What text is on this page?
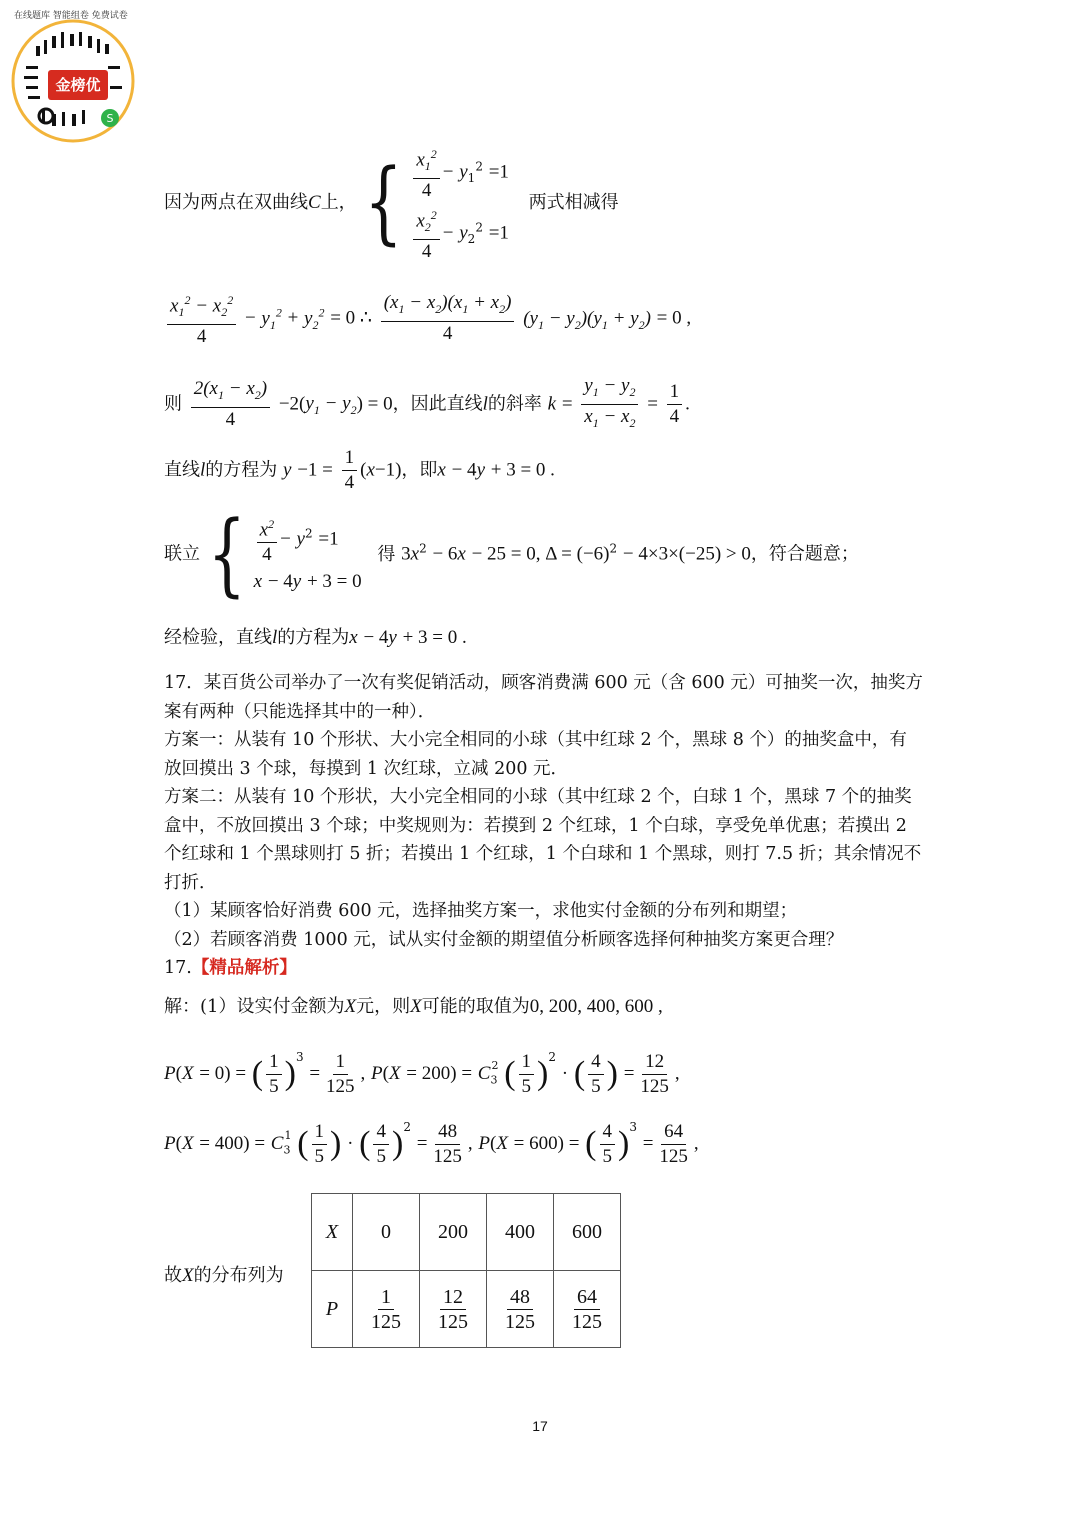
S
金榜优
在线题库 智能组卷 免费试卷
因为两点在双曲线C上， { $\frac{x_1^2}{4} - y_1^2 =1$
$\frac{x_2^2}{4} - y_2^2 =1$
两式相减得
$\frac{x_1^2 - x_2^2}{4} - y_1^2 + y_2^2 = 0$ ∴ $\frac{(x_1 - x_2)(x_1 + x_2)}{4} (y_1 - y_2)(y_1 + y_2) = 0$ ,
则 $\frac{2(x_1 - x_2)}{4} -2(y_1 - y_2) = 0$，因此直线l的斜率 $k = \frac{y_1 - y_2}{x_1 - x_2} = \frac{1}{4}$ .
直线l的方程为 $y -1 = \frac{1}{4} (x-1)$，即x − 4y + 3 = 0 .
联立 { $\frac{x^2}{4} - y^2 =1$
x − 4y + 3 = 0
得 $3x^2 - 6x - 25 = 0$, $\Delta = (-6)^2 - 4\times 3\times(-25) > 0$，符合题意；
经检验，直线l的方程为x − 4y + 3 = 0 .

17．某百货公司举办了一次有奖促销活动，顾客消费满 600 元（含 600 元）可抽奖一次，抽奖方案有两种（只能选择其中的一种）．

方案一：从装有 10 个形状、大小完全相同的小球（其中红球 2 个，黑球 8 个）的抽奖盒中，有放回摸出 3 个球，每摸到 1 次红球，立减 200 元．

方案二：从装有 10 个形状，大小完全相同的小球（其中红球 2 个，白球 1 个，黑球 7 个的抽奖盒中，不放回摸出 3 个球；中奖规则为：若摸到 2 个红球，1 个白球，享受免单优惠；若摸出 2 个红球和 1 个黑球则打 5 折；若摸出 1 个红球，1 个白球和 1 个黑球，则打 7.5 折；其余情况不打折．

（1）某顾客恰好消费 600 元，选择抽奖方案一，求他实付金额的分布列和期望；

（2）若顾客消费 1000 元，试从实付金额的期望值分析顾客选择何种抽奖方案更合理？

17.【精品解析】

解：(1）设实付金额为X元，则X可能的取值为0, 200, 400, 600 ,
P(X = 0) = ( $\frac{1}{5} )^3 = \frac{1}{125}$ , $P(X = 200) = C_3^2$ ( $\frac{1}{5} )^2$ · ( $\frac{4}{5}$ ) = $\frac{12}{125}$ ,
$P(X = 400) = C_3^1$ ( $\frac{1}{5}$ ) · ( $\frac{4}{5} )^2 = \frac{48}{125}$ , P(X = 600) = ( $\frac{4}{5} )^3 = \frac{64}{125}$ ,
故X的分布列为
X	0	200	400	600
P	$\frac{1}{125}$	$\frac{12}{125}$	$\frac{48}{125}$	$\frac{64}{125}$
17
